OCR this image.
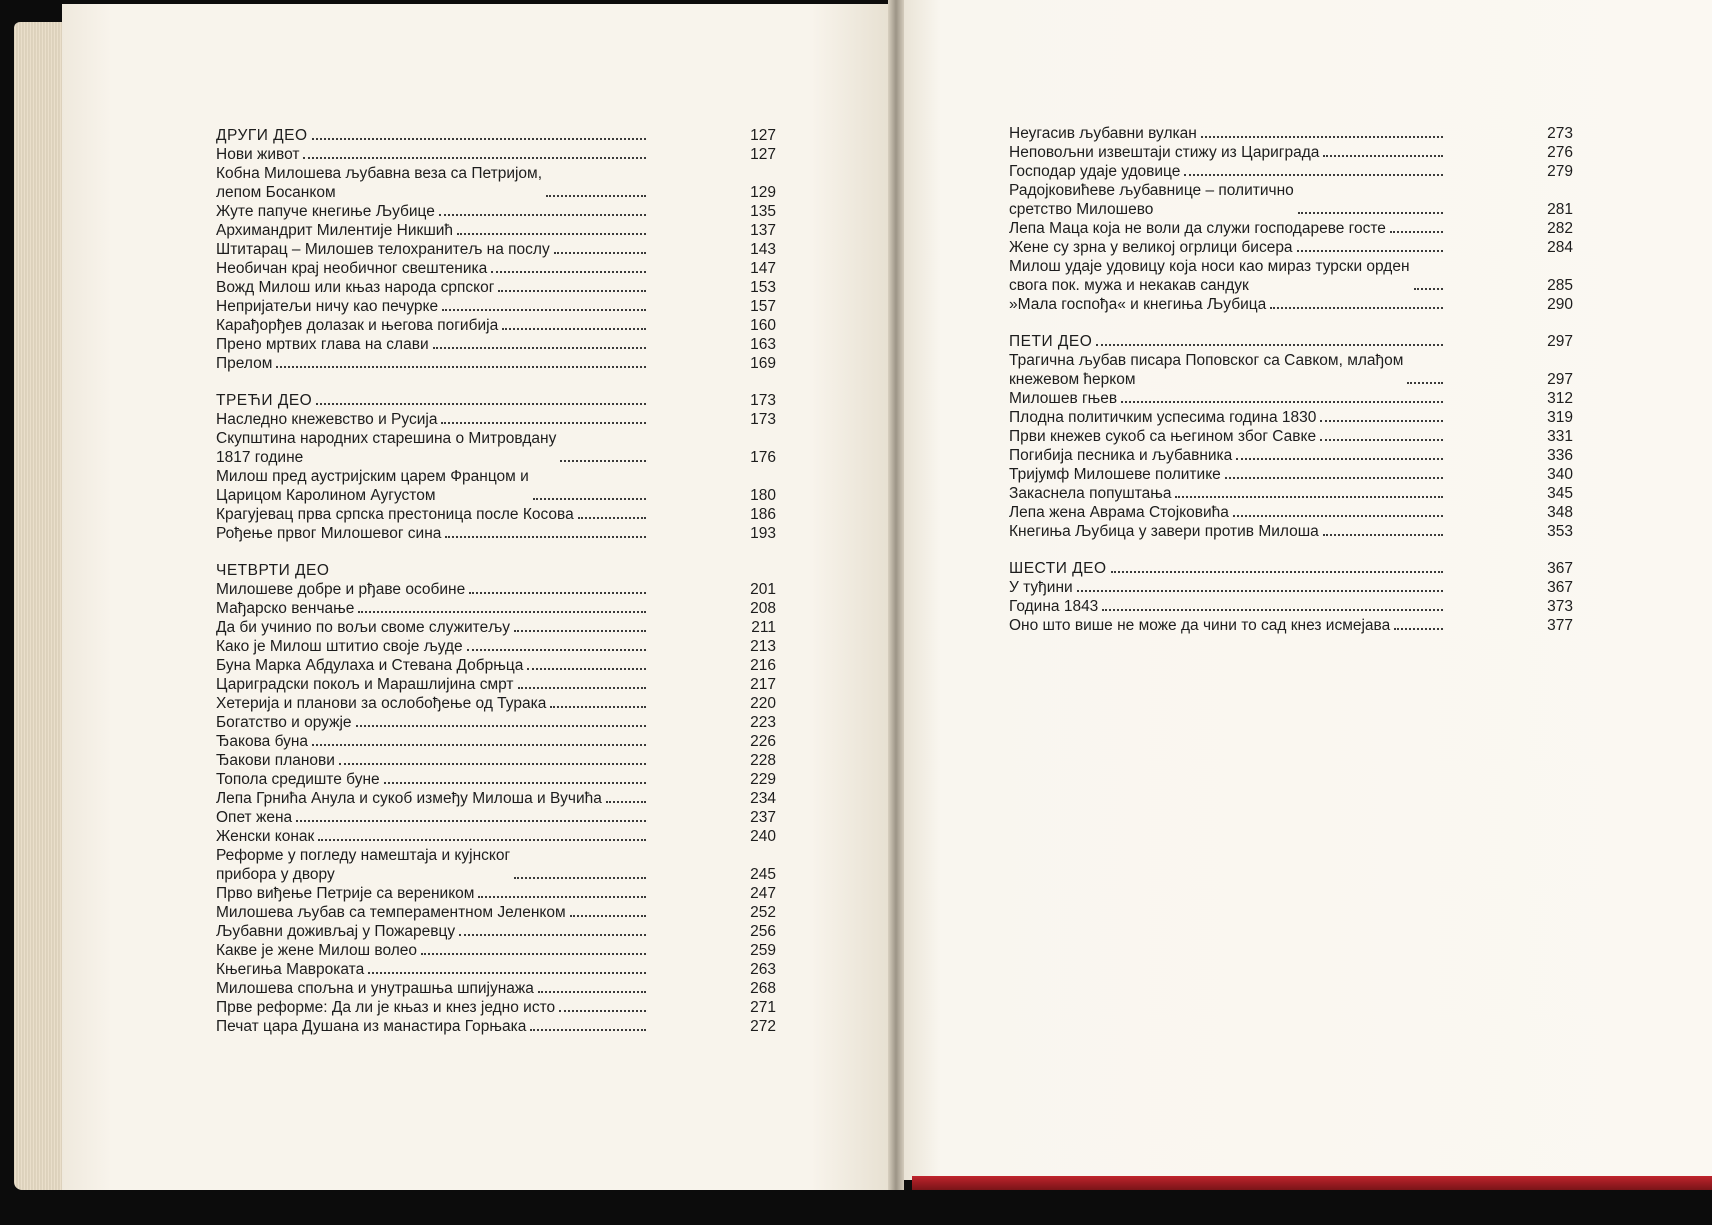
ДРУГИ ДЕО	127
Нови живот	127
Кобна Милошева љубавна веза са Петријом,
лепом Босанком	129
Жуте папуче кнегиње Љубице	135
Архимандрит Милентије Никшић	137
Штитарац – Милошев телохранитељ на послу	143
Необичан крај необичног свештеника	147
Вожд Милош или књаз народа српског	153
Непријатељи ничу као печурке	157
Карађорђев долазак и његова погибија	160
Прено мртвих глава на слави	163
Прелом	169
ТРЕЋИ ДЕО	173
Наследно кнежевство и Русија	173
Скупштина народних старешина о Митровдану
1817 године	176
Милош пред аустријским царем Францом и
Царицом Каролином Аугустом	180
Крагујевац прва српска престоница после Косова	186
Рођење првог Милошевог сина	193
ЧЕТВРТИ ДЕО
Милошеве добре и рђаве особине	201
Мађарско венчање	208
Да би учинио по вољи своме служитељу	211
Како је Милош штитио своје људе	213
Буна Марка Абдулаха и Стевана Добрњца	216
Цариградски покољ и Марашлијина смрт	217
Хетерија и планови за ослобођење од Турака	220
Богатство и оружје	223
Ђакова буна	226
Ђакови планови	228
Топола средиште буне	229
Лепа Грнића Анула и сукоб између Милоша и Вучића	234
Опет жена	237
Женски конак	240
Реформе у погледу намештаја и кујнског
прибора у двору	245
Прво виђење Петрије са вереником	247
Милошева љубав са темпераментном Јеленком	252
Љубавни доживљај у Пожаревцу	256
Какве је жене Милош волео	259
Књегиња Мавроката	263
Милошева спољна и унутрашња шпијунажа	268
Прве реформе: Да ли је књаз и кнез једно исто	271
Печат цара Душана из манастира Горњака	272
Неугасив љубавни вулкан	273
Неповољни извештаји стижу из Цариграда	276
Господар удаје удовице	279
Радојковићеве љубавнице – политично
сретство Милошево	281
Лепа Маца која не воли да служи господареве госте	282
Жене су зрна у великој огрлици бисера	284
Милош удаје удовицу која носи као мираз турски орден
свога пок. мужа и некакав сандук	285
»Мала госпођа« и кнегиња Љубица	290
ПЕТИ ДЕО	297
Трагична љубав писара Поповског са Савком, млађом
кнежевом ћерком	297
Милошев гњев	312
Плодна политичким успесима година 1830	319
Први кнежев сукоб са његином због Савке	331
Погибија песника и љубавника	336
Тријумф Милошеве политике	340
Закаснела попуштања	345
Лепа жена Аврама Стојковића	348
Кнегиња Љубица у завери против Милоша	353
ШЕСТИ ДЕО	367
У туђини	367
Година 1843	373
Оно што више не може да чини то сад кнез исмејава	377
